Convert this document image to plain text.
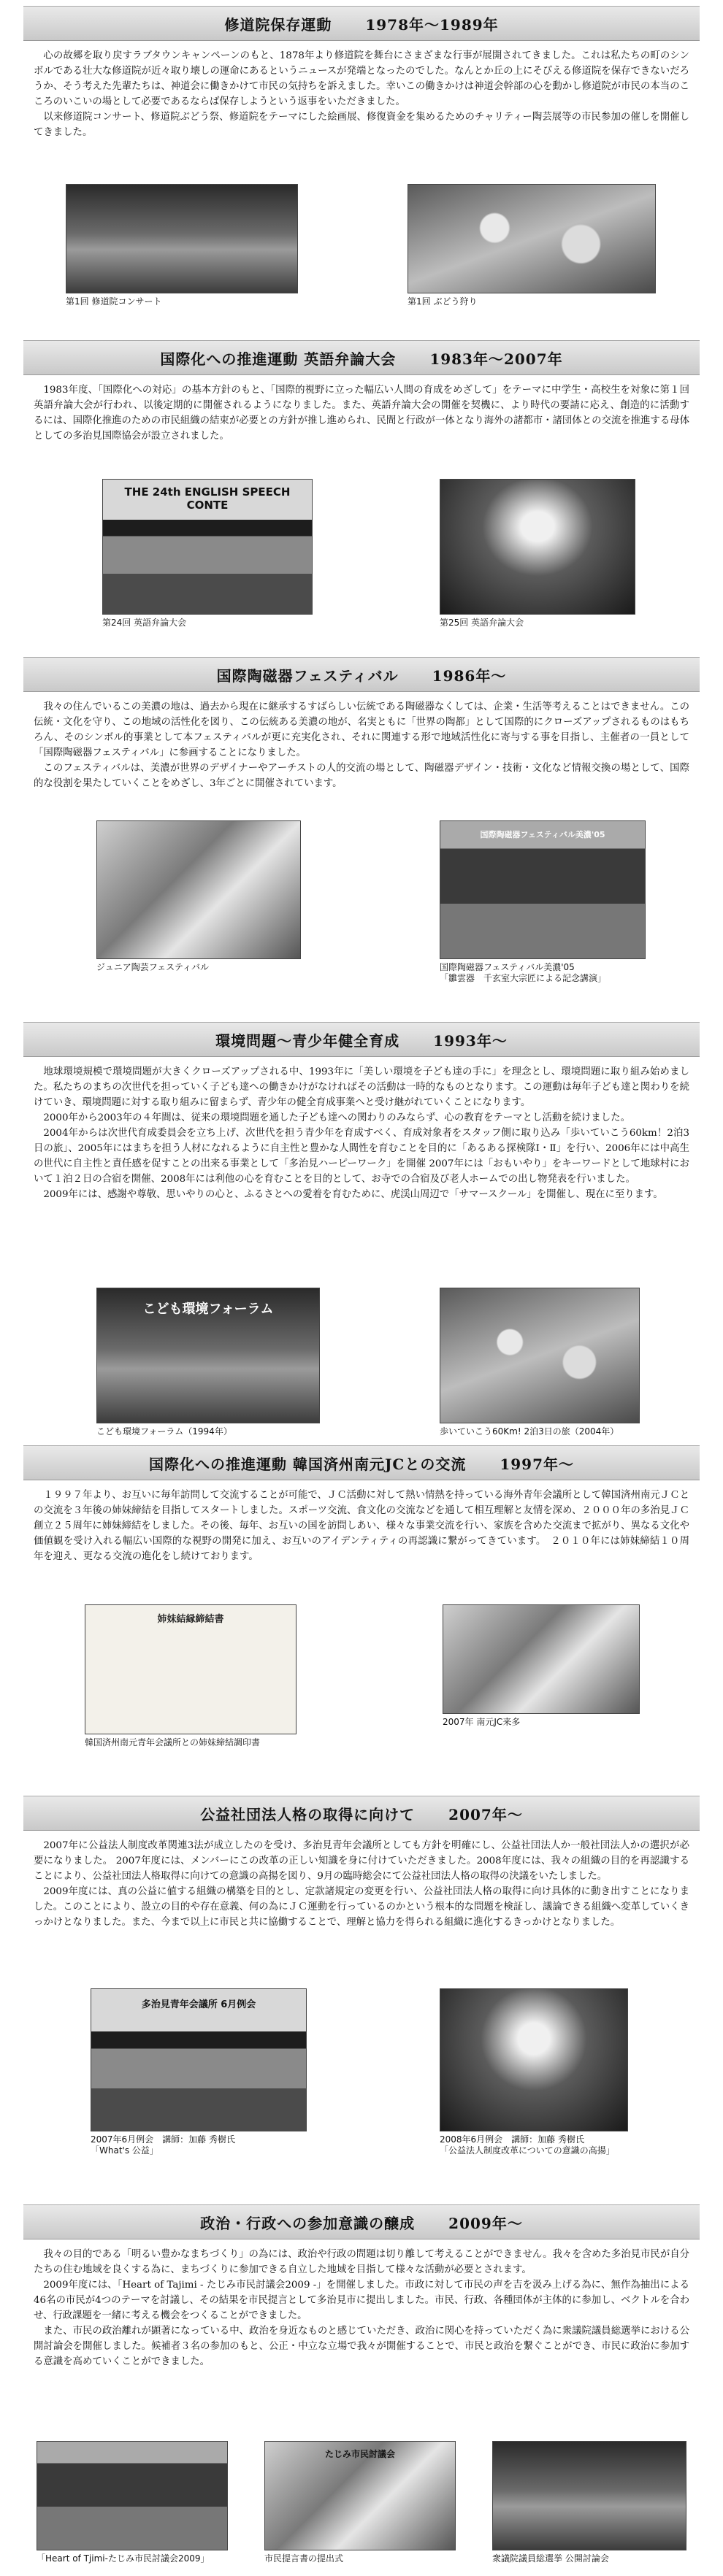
修道院保存運動 1978年～1989年

心の故郷を取り戻すラブタウンキャンペーンのもと、1878年より修道院を舞台にさまざまな行事が展開されてきました。これは私たちの町のシンボルである壮大な修道院が近々取り壊しの運命にあるというニュースが発端となったのでした。なんとか丘の上にそびえる修道院を保存できないだろうか、そう考えた先輩たちは、神道会に働きかけて市民の気持ちを訴えました。幸いこの働きかけは神道会幹部の心を動かし修道院が市民の本当のこころのいこいの場として必要であるならば保存しようという返事をいただきました。

以来修道院コンサート、修道院ぶどう祭、修道院をテーマにした絵画展、修復資金を集めるためのチャリティー陶芸展等の市民参加の催しを開催してきました。

第1回 修道院コンサート	第1回 ぶどう狩り
国際化への推進運動 英語弁論大会 1983年～2007年

1983年度、「国際化への対応」の基本方針のもと、「国際的視野に立った幅広い人間の育成をめざして」をテーマに中学生・高校生を対象に第１回英語弁論大会が行われ、以後定期的に開催されるようになりました。また、英語弁論大会の開催を契機に、より時代の要請に応え、創造的に活動するには、国際化推進のための市民組織の結束が必要との方針が推し進められ、民間と行政が一体となり海外の諸都市・諸団体との交流を推進する母体としての多治見国際協会が設立されました。

THE 24th ENGLISH SPEECH CONTE
第24回 英語弁論大会	第25回 英語弁論大会
国際陶磁器フェスティバル 1986年～

我々の住んでいるこの美濃の地は、過去から現在に継承するすばらしい伝統である陶磁器なくしては、企業・生活等考えることはできません。この伝統・文化を守り、この地域の活性化を図り、この伝統ある美濃の地が、名実ともに「世界の陶都」として国際的にクローズアップされるものはもちろん、そのシンボル的事業として本フェスティバルが更に充実化され、それに関連する形で地域活性化に寄与する事を目指し、主催者の一員として「国際陶磁器フェスティバル」に参画することになりました。

このフェスティバルは、美濃が世界のデザイナーやアーチストの人的交流の場として、陶磁器デザイン・技術・文化など情報交換の場として、国際的な役割を果たしていくことをめざし、3年ごとに開催されています。

ジュニア陶芸フェスティバル
国際陶磁器フェスティバル美濃'05
国際陶磁器フェスティバル美濃'05
「雛雲器　千玄室大宗匠による記念講演」
環境問題～青少年健全育成 1993年～

地球環境規模で環境問題が大きくクローズアップされる中、1993年に「美しい環境を子ども達の手に」を理念とし、環境問題に取り組み始めました。私たちのまちの次世代を担っていく子ども達への働きかけがなければその活動は一時的なものとなります。この運動は毎年子ども達と関わりを続けていき、環境問題に対する取り組みに留まらず、青少年の健全育成事業へと受け継がれていくことになります。

2000年から2003年の４年間は、従来の環境問題を通した子ども達への関わりのみならず、心の教育をテーマとし活動を続けました。

2004年からは次世代育成委員会を立ち上げ、次世代を担う青少年を育成すべく、育成対象者をスタッフ側に取り込み「歩いていこう60km！2泊3日の旅」、2005年にはまちを担う人材になれるように自主性と豊かな人間性を育むことを目的に「あるある探検隊Ⅰ・Ⅱ」を行い、2006年には中高生の世代に自主性と責任感を促すことの出来る事業として「多治見ハーピーワーク」を開催 2007年には「おもいやり」をキーワードとして地球村において１泊２日の合宿を開催、2008年には利他の心を育むことを目的として、お寺での合宿及び老人ホームでの出し物発表を行いました。

2009年には、感謝や尊敬、思いやりの心と、ふるさとへの愛着を育むために、虎渓山周辺で「サマースクール」を開催し、現在に至ります。

こども環境フォーラム
こども環境フォーラム（1994年）	歩いていこう60Km! 2泊3日の旅（2004年）
国際化への推進運動 韓国済州南元JCとの交流 1997年～

１９９７年より、お互いに毎年訪問して交流することが可能で、ＪＣ活動に対して熱い情熱を持っている海外青年会議所として韓国済州南元ＪＣとの交流を３年後の姉妹締結を目指してスタートしました。スポーツ交流、食文化の交流などを通して相互理解と友情を深め、２０００年の多治見ＪＣ創立２５周年に姉妹締結をしました。その後、毎年、お互いの国を訪問しあい、様々な事業交流を行い、家族を含めた交流まで拡がり、異なる文化や価値観を受け入れる幅広い国際的な視野の開発に加え、お互いのアイデンティティの再認識に繋がってきています。　２０１０年には姉妹締結１０周年を迎え、更なる交流の進化をし続けております。

姉妹結縁締結書
韓国済州南元青年会議所との姉妹締結調印書
2007年 南元JC来多
公益社団法人格の取得に向けて 2007年～

2007年に公益法人制度改革関連3法が成立したのを受け、多治見青年会議所としても方針を明確にし、公益社団法人か一般社団法人かの選択が必要になりました。 2007年度には、メンバーにこの改革の正しい知識を身に付けていただきました。2008年度には、我々の組織の目的を再認識することにより、公益社団法人格取得に向けての意識の高揚を図り、9月の臨時総会にて公益社団法人格の取得の決議をいたしました。

2009年度には、真の公益に値する組織の構築を目的とし、定款諸規定の変更を行い、公益社団法人格の取得に向け具体的に動き出すことになりました。このことにより、設立の目的や存在意義、何の為にＪＣ運動を行っているのかという根本的な問題を検証し、議論できる組織へ変革していくきっかけとなりました。また、今まで以上に市民と共に協働することで、理解と協力を得られる組織に進化するきっかけとなりました。

多治見青年会議所 6月例会
2007年6月例会　講師：加藤 秀樹氏
「What's 公益」
2008年6月例会　講師：加藤 秀樹氏
「公益法人制度改革についての意識の高揚」
政治・行政への参加意識の醸成 2009年～

我々の目的である「明るい豊かなまちづくり」の為には、政治や行政の問題は切り離して考えることができません。我々を含めた多治見市民が自分たちの住む地域を良くする為に、まちづくりに参加できる自立した地域を目指して様々な活動が必要とされます。

2009年度には、「Heart of Tajimi - たじみ市民討議会2009 -」を開催しました。市政に対して市民の声を吉を汲み上げる為に、無作為抽出による46名の市民が4つのテーマを討議し、その結果を市民提言として多治見市に提出しました。市民、行政、各種団体が主体的に参加し、ベクトルを合わせ、行政課題を一緒に考える機会をつくることができました。

また、市民の政治離れが顕著になっている中、政治を身近なものと感じていただき、政治に関心を持っていただく為に衆議院議員総選挙における公開討論会を開催しました。候補者３名の参加のもと、公正・中立な立場で我々が開催することで、市民と政治を繋ぐことができ、市民に政治に参加する意識を高めていくことができました。

「Heart of Tjimi-たじみ市民討議会2009」
たじみ市民討議会
市民提言書の提出式	衆議院議員総選挙 公開討論会
